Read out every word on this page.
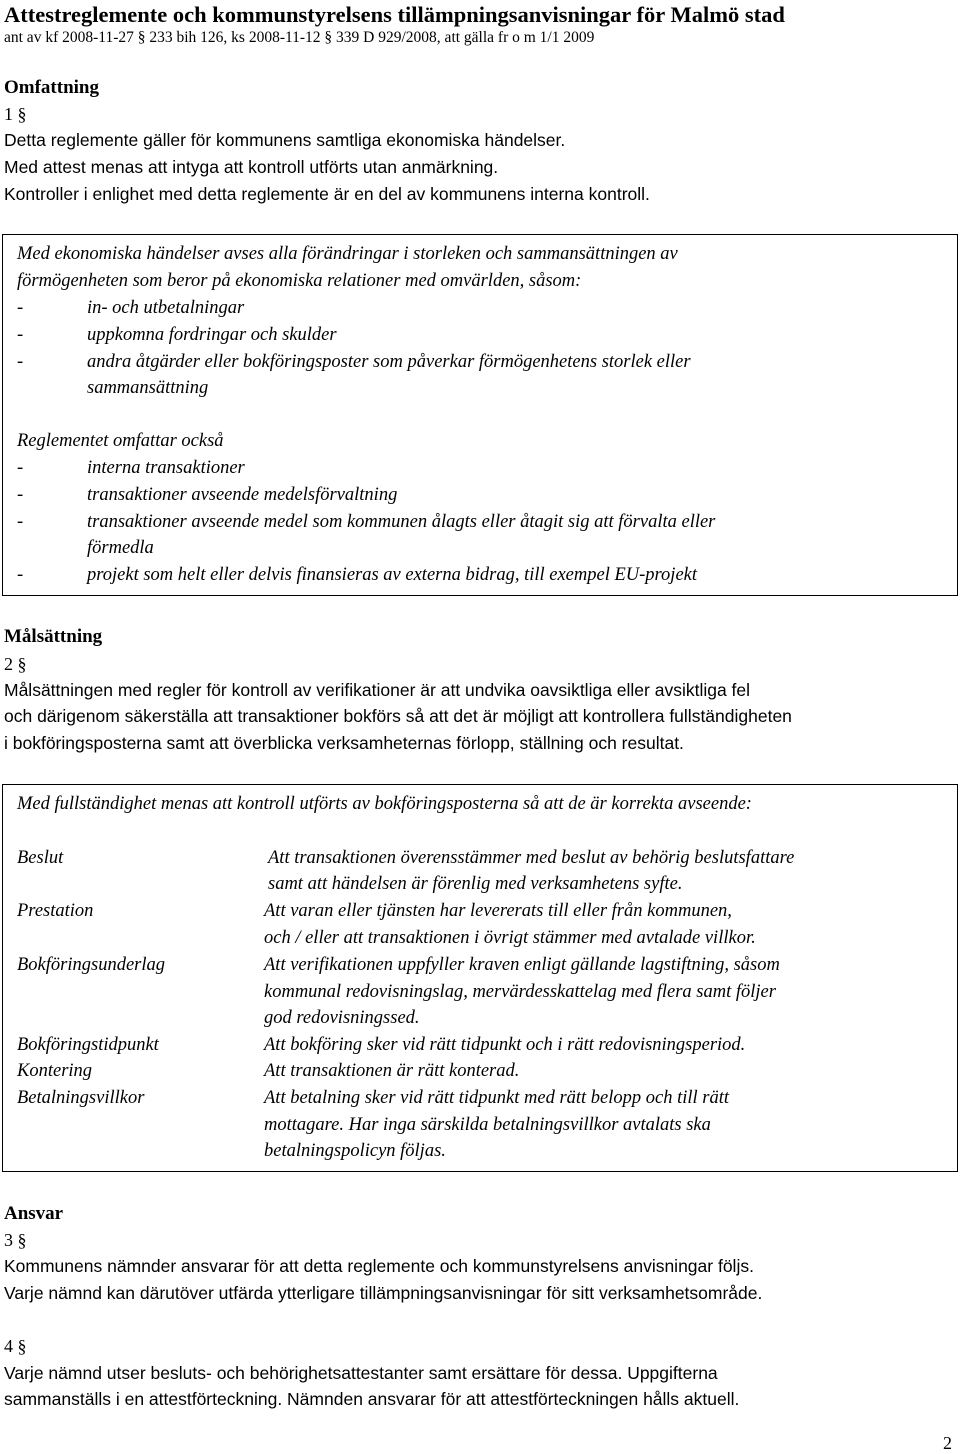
Attestreglemente och kommunstyrelsens tillämpningsanvisningar för Malmö stad
ant av kf 2008-11-27 § 233 bih 126, ks 2008-11-12 § 339 D 929/2008, att gälla fr o m 1/1 2009
Omfattning
1 §
Detta reglemente gäller för kommunens samtliga ekonomiska händelser.
Med attest menas att intyga att kontroll utförts utan anmärkning.
Kontroller i enlighet med detta reglemente är en del av kommunens interna kontroll.
Med ekonomiska händelser avses alla förändringar i storleken och sammansättningen av
förmögenheten som beror på ekonomiska relationer med omvärlden, såsom:
-	in- och utbetalningar
-	uppkomna fordringar och skulder
-	andra åtgärder eller bokföringsposter som påverkar förmögenhetens storlek eller
sammansättning
Reglementet omfattar också
-	interna transaktioner
-	transaktioner avseende medelsförvaltning
-	transaktioner avseende medel som kommunen ålagts eller åtagit sig att förvalta eller
förmedla
-	projekt som helt eller delvis finansieras av externa bidrag, till exempel EU-projekt
Målsättning
2 §
Målsättningen med regler för kontroll av verifikationer är att undvika oavsiktliga eller avsiktliga fel
och därigenom säkerställa att transaktioner bokförs så att det är möjligt att kontrollera fullständigheten
i bokföringsposterna samt att överblicka verksamheternas förlopp, ställning och resultat.
Med fullständighet menas att kontroll utförts av bokföringsposterna så att de är korrekta avseende:
Beslut	Att transaktionen överensstämmer med beslut av behörig beslutsfattare
samt att händelsen är förenlig med verksamhetens syfte.
Prestation	Att varan eller tjänsten har levererats till eller från kommunen,
och / eller att transaktionen i övrigt stämmer med avtalade villkor.
Bokföringsunderlag	Att verifikationen uppfyller kraven enligt gällande lagstiftning, såsom
kommunal redovisningslag, mervärdesskattelag med flera samt följer
god redovisningssed.
Bokföringstidpunkt	Att bokföring sker vid rätt tidpunkt och i rätt redovisningsperiod.
Kontering	Att transaktionen är rätt konterad.
Betalningsvillkor	Att betalning sker vid rätt tidpunkt med rätt belopp och till rätt
mottagare. Har inga särskilda betalningsvillkor avtalats ska
betalningspolicyn följas.
Ansvar
3 §
Kommunens nämnder ansvarar för att detta reglemente och kommunstyrelsens anvisningar följs.
Varje nämnd kan därutöver utfärda ytterligare tillämpningsanvisningar för sitt verksamhetsområde.
4 §
Varje nämnd utser besluts- och behörighetsattestanter samt ersättare för dessa. Uppgifterna
sammanställs i en attestförteckning. Nämnden ansvarar för att attestförteckningen hålls aktuell.
2
